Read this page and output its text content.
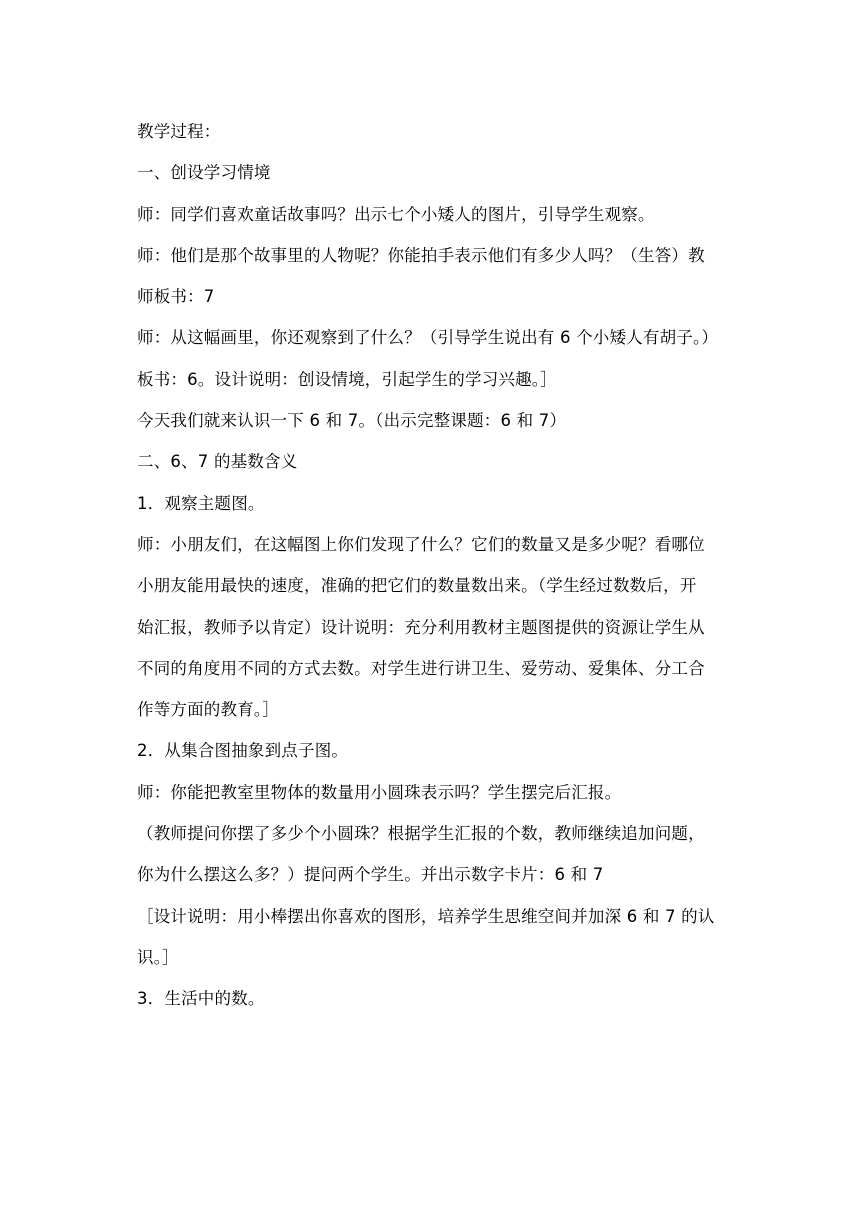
教学过程：

一、创设学习情境

师：同学们喜欢童话故事吗？出示七个小矮人的图片，引导学生观察。

师：他们是那个故事里的人物呢？你能拍手表示他们有多少人吗？（生答）教
师板书：7

师：从这幅画里，你还观察到了什么？（引导学生说出有 6 个小矮人有胡子。）
板书：6。设计说明：创设情境，引起学生的学习兴趣。］

今天我们就来认识一下 6 和 7。（出示完整课题：6 和 7）

二、6、7 的基数含义

1．观察主题图。

师：小朋友们，在这幅图上你们发现了什么？它们的数量又是多少呢？看哪位
小朋友能用最快的速度，准确的把它们的数量数出来。（学生经过数数后，开
始汇报，教师予以肯定）设计说明：充分利用教材主题图提供的资源让学生从
不同的角度用不同的方式去数。对学生进行讲卫生、爱劳动、爱集体、分工合
作等方面的教育。］

2．从集合图抽象到点子图。

师：你能把教室里物体的数量用小圆珠表示吗？学生摆完后汇报。

（教师提问你摆了多少个小圆珠？根据学生汇报的个数，教师继续追加问题，
你为什么摆这么多？）提问两个学生。并出示数字卡片：6 和 7

［设计说明：用小棒摆出你喜欢的图形，培养学生思维空间并加深 6 和 7 的认
识。］

3．生活中的数。
